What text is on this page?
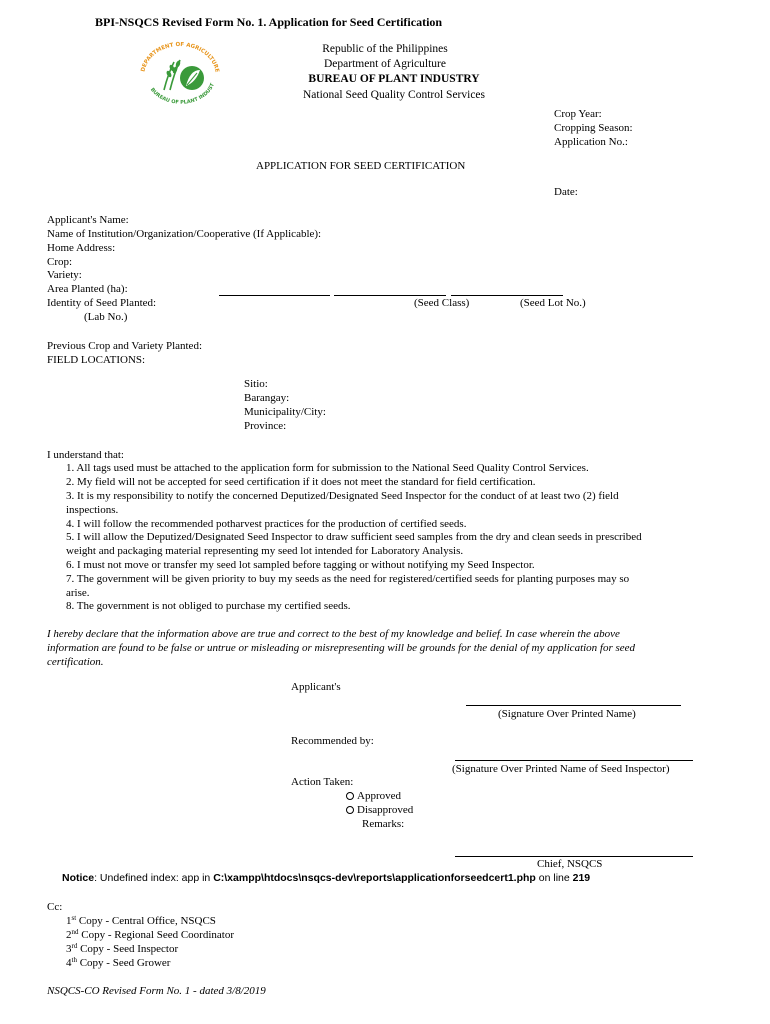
BPI-NSQCS Revised Form No. 1. Application for Seed Certification
DEPARTMENT OF AGRICULTURE
BUREAU OF PLANT INDUST
Republic of the Philippines
Department of Agriculture
BUREAU OF PLANT INDUSTRY
National Seed Quality Control Services
Crop Year:
Cropping Season:
Application No.:
APPLICATION FOR SEED CERTIFICATION
Date:
Applicant's Name:
Name of Institution/Organization/Cooperative (If Applicable):
Home Address:
Crop:
Variety:
Area Planted (ha):
Identity of Seed Planted:	(Seed Class)	(Seed Lot No.)
(Lab No.)
Previous Crop and Variety Planted:
FIELD LOCATIONS:
Sitio:
Barangay:
Municipality/City:
Province:
I understand that:
1. All tags used must be attached to the application form for submission to the National Seed Quality Control Services.
2. My field will not be accepted for seed certification if it does not meet the standard for field certification.
3. It is my responsibility to notify the concerned Deputized/Designated Seed Inspector for the conduct of at least two (2) field
inspections.
4. I will follow the recommended potharvest practices for the production of certified seeds.
5. I will allow the Deputized/Designated Seed Inspector to draw sufficient seed samples from the dry and clean seeds in prescribed
weight and packaging material representing my seed lot intended for Laboratory Analysis.
6. I must not move or transfer my seed lot sampled before tagging or without notifying my Seed Inspector.
7. The government will be given priority to buy my seeds as the need for registered/certified seeds for planting purposes may so
arise.
8. The government is not obliged to purchase my certified seeds.
I hereby declare that the information above are true and correct to the best of my knowledge and belief. In case wherein the above
information are found to be false or untrue or misleading or misrepresenting will be grounds for the denial of my application for seed
certification.
Applicant's
(Signature Over Printed Name)
Recommended by:
(Signature Over Printed Name of Seed Inspector)
Action Taken:
Approved
Disapproved
Remarks:
Chief, NSQCS
Notice: Undefined index: app in C:\xampp\htdocs\nsqcs-dev\reports\applicationforseedcert1.php on line 219
Cc:
1st Copy - Central Office, NSQCS
2nd Copy - Regional Seed Coordinator
3rd Copy - Seed Inspector
4th Copy - Seed Grower
NSQCS-CO Revised Form No. 1 - dated 3/8/2019
